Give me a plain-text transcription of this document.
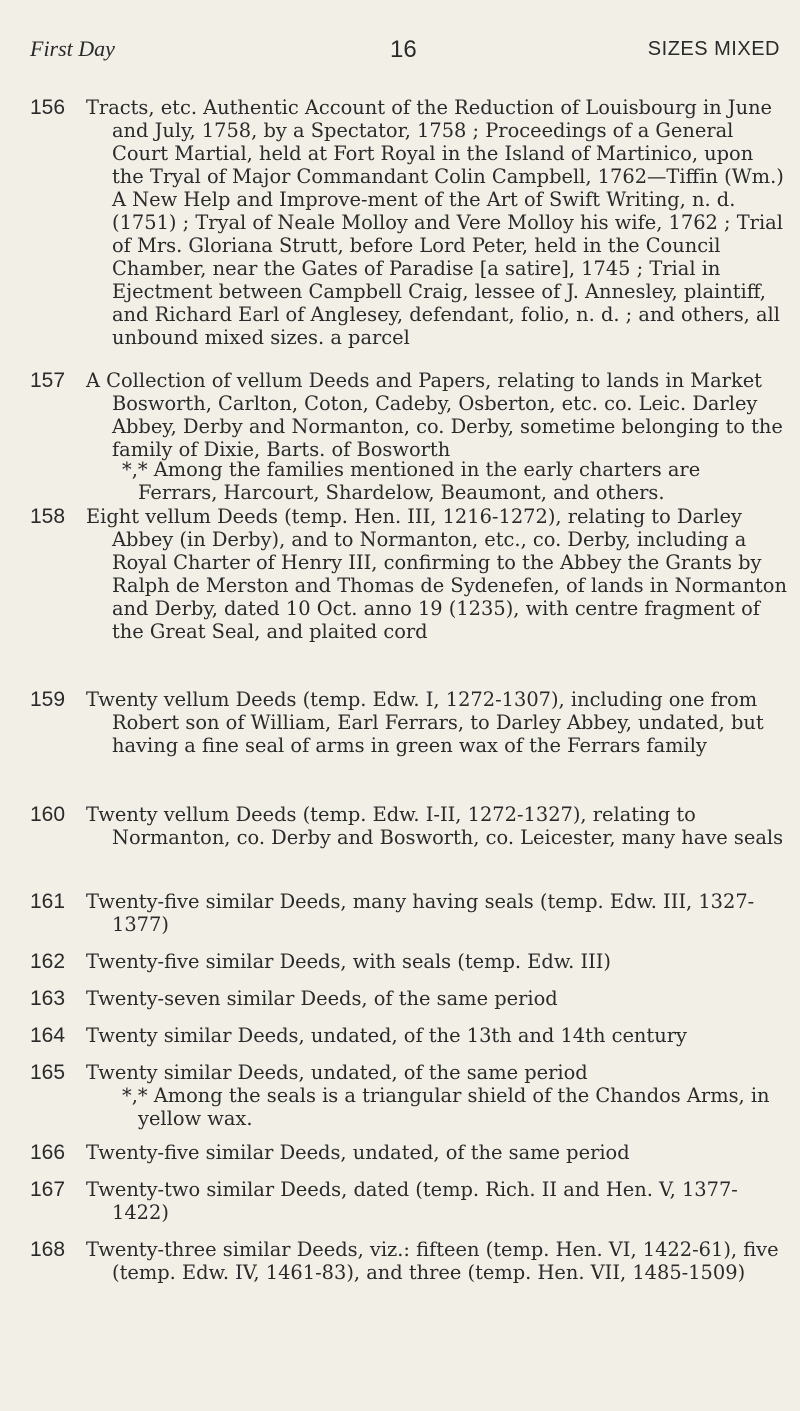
First Day	16	SIZES MIXED
156 Tracts, etc. Authentic Account of the Reduction of Louisbourg in June and July, 1758, by a Spectator, 1758 ; Proceedings of a General Court Martial, held at Fort Royal in the Island of Martinico, upon the Tryal of Major Commandant Colin Campbell, 1762—Tiffin (Wm.) A New Help and Improve-ment of the Art of Swift Writing, n. d. (1751) ; Tryal of Neale Molloy and Vere Molloy his wife, 1762 ; Trial of Mrs. Gloriana Strutt, before Lord Peter, held in the Council Chamber, near the Gates of Paradise [a satire], 1745 ; Trial in Ejectment between Campbell Craig, lessee of J. Annesley, plaintiff, and Richard Earl of Anglesey, defendant, folio, n. d. ; and others, all unbound mixed sizes. a parcel
157 A Collection of vellum Deeds and Papers, relating to lands in Market Bosworth, Carlton, Coton, Cadeby, Osberton, etc. co. Leic. Darley Abbey, Derby and Normanton, co. Derby, sometime belonging to the family of Dixie, Barts. of Bosworth
*,* Among the families mentioned in the early charters are Ferrars, Harcourt, Shardelow, Beaumont, and others.
158 Eight vellum Deeds (temp. Hen. III, 1216-1272), relating to Darley Abbey (in Derby), and to Normanton, etc., co. Derby, including a Royal Charter of Henry III, confirming to the Abbey the Grants by Ralph de Merston and Thomas de Sydenefen, of lands in Normanton and Derby, dated 10 Oct. anno 19 (1235), with centre fragment of the Great Seal, and plaited cord
159 Twenty vellum Deeds (temp. Edw. I, 1272-1307), including one from Robert son of William, Earl Ferrars, to Darley Abbey, undated, but having a fine seal of arms in green wax of the Ferrars family
160 Twenty vellum Deeds (temp. Edw. I-II, 1272-1327), relating to Normanton, co. Derby and Bosworth, co. Leicester, many have seals
161 Twenty-five similar Deeds, many having seals (temp. Edw. III, 1327-1377)
162 Twenty-five similar Deeds, with seals (temp. Edw. III)
163 Twenty-seven similar Deeds, of the same period
164 Twenty similar Deeds, undated, of the 13th and 14th century
165 Twenty similar Deeds, undated, of the same period
*,* Among the seals is a triangular shield of the Chandos Arms, in yellow wax.
166 Twenty-five similar Deeds, undated, of the same period
167 Twenty-two similar Deeds, dated (temp. Rich. II and Hen. V, 1377-1422)
168 Twenty-three similar Deeds, viz.: fifteen (temp. Hen. VI, 1422-61), five (temp. Edw. IV, 1461-83), and three (temp. Hen. VII, 1485-1509)
